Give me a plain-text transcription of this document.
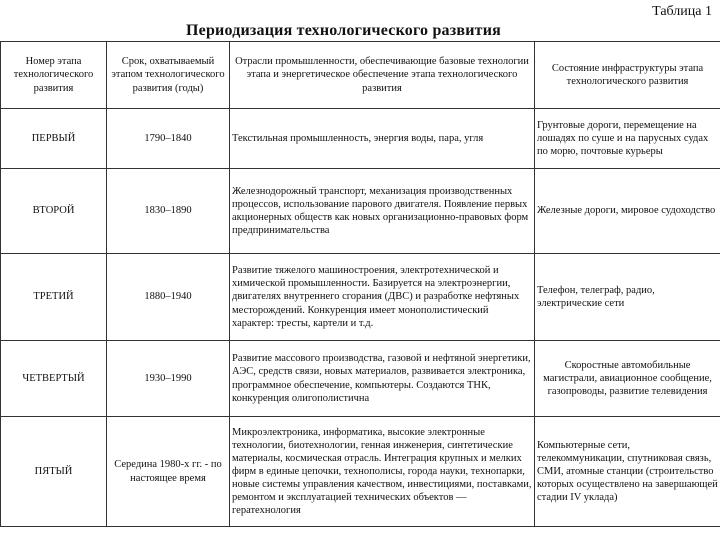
Таблица 1
Периодизация технологического развития
Номер этапа технологического развития	Срок, охватываемый этапом технологического развития (годы)	Отрасли промышленности, обеспечивающие базовые технологии этапа и энергетическое обеспечение этапа технологического развития	Состояние инфраструктуры этапа технологического развития
ПЕРВЫЙ	1790–1840	Текстильная промышленность, энергия воды, пара, угля	Грунтовые дороги, перемещение на лошадях по суше и на парусных судах по морю, почтовые курьеры
ВТОРОЙ	1830–1890	Железнодорожный транспорт, механизация производственных процессов, использование парового двигателя. Появление первых акционерных обществ как новых организационно-правовых форм предпринимательства	Железные дороги, мировое судоходство
ТРЕТИЙ	1880–1940	Развитие тяжелого машиностроения, электротехнической и химической промышленности. Базируется на электроэнергии, двигателях внутреннего сгорания (ДВС) и разработке нефтяных месторождений. Конкуренция имеет монополистический характер: тресты, картели и т.д.	Телефон, телеграф, радио, электрические сети
ЧЕТВЕРТЫЙ	1930–1990	Развитие массового производства, газовой и нефтяной энергетики, АЭС, средств связи, новых материалов, развивается электроника, программное обеспечение, компьютеры. Создаются ТНК, конкуренция олигополистична	Скоростные автомобильные магистрали, авиационное сообщение, газопроводы, развитие телевидения
ПЯТЫЙ	Середина 1980-х гг. - по настоящее время	Микроэлектроника, информатика, высокие электронные технологии, биотехнологии, генная инженерия, синтетические материалы, космическая отрасль. Интеграция крупных и мелких фирм в единые цепочки, технополисы, города науки, технопарки, новые системы управления качеством, инвестициями, поставками, ремонтом и эксплуатацией технических объектов — гератехнология	Компьютерные сети, телекоммуникации, спутниковая связь, СМИ, атомные станции (строительство которых осуществлено на завершающей стадии IV уклада)
